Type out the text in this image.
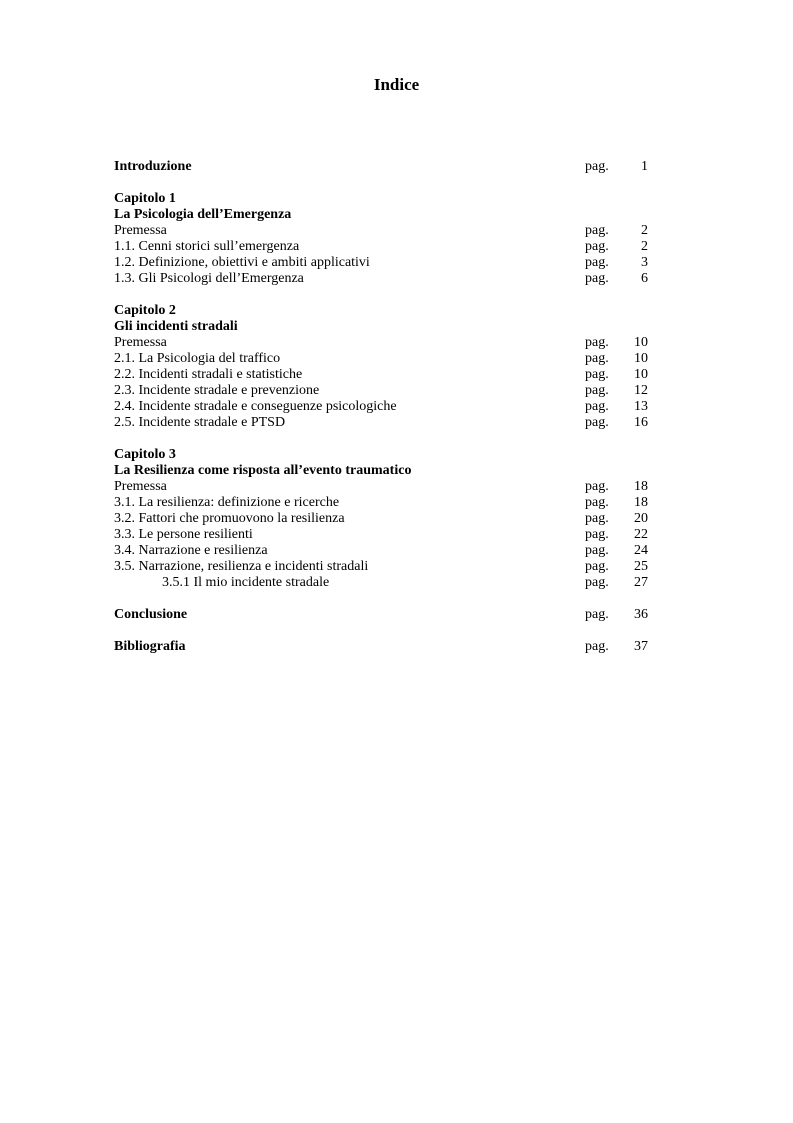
Indice
Introduzione	pag. 1
Capitolo 1
La Psicologia dell’Emergenza
Premessa	pag. 2
1.1. Cenni storici sull’emergenza	pag. 2
1.2. Definizione, obiettivi e ambiti applicativi	pag. 3
1.3. Gli Psicologi dell’Emergenza	pag. 6
Capitolo 2
Gli incidenti stradali
Premessa	pag. 10
2.1. La Psicologia del traffico	pag. 10
2.2. Incidenti stradali e statistiche	pag. 10
2.3. Incidente stradale e prevenzione	pag. 12
2.4. Incidente stradale e conseguenze psicologiche	pag. 13
2.5. Incidente stradale e PTSD	pag. 16
Capitolo 3
La Resilienza come risposta all’evento traumatico
Premessa	pag. 18
3.1. La resilienza: definizione e ricerche	pag. 18
3.2. Fattori che promuovono la resilienza	pag. 20
3.3. Le persone resilienti	pag. 22
3.4. Narrazione e resilienza	pag. 24
3.5. Narrazione, resilienza e incidenti stradali	pag. 25
3.5.1 Il mio incidente stradale	pag. 27
Conclusione	pag. 36
Bibliografia	pag. 37
